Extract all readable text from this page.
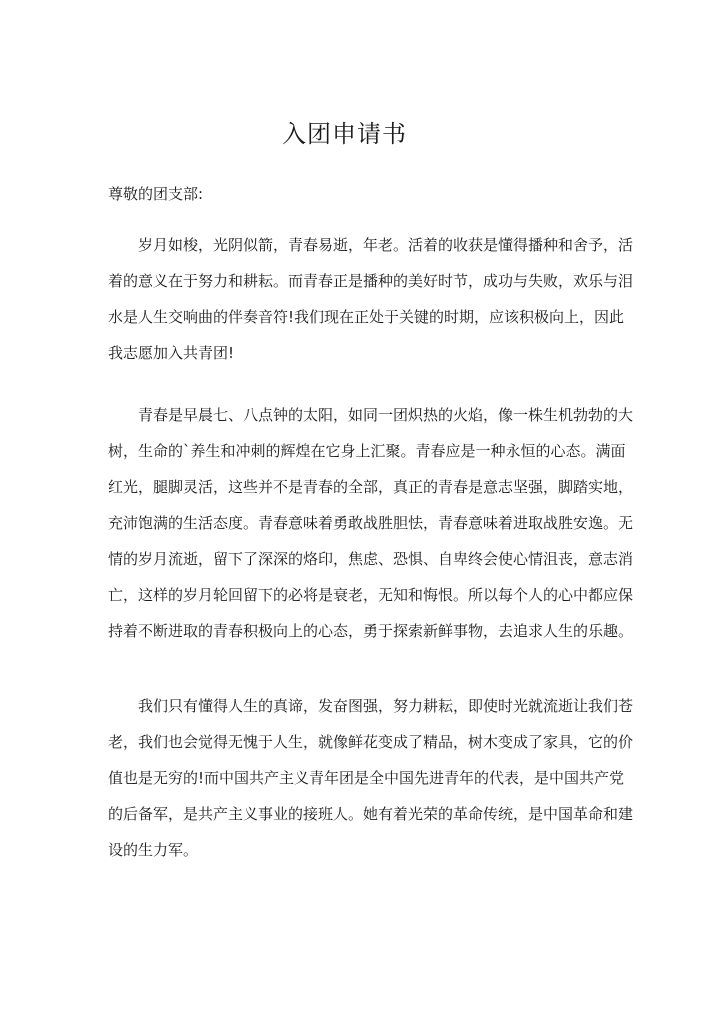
入团申请书
尊敬的团支部:
岁月如梭，光阴似箭，青春易逝，年老。活着的收获是懂得播种和舍予，活
着的意义在于努力和耕耘。而青春正是播种的美好时节，成功与失败，欢乐与泪
水是人生交响曲的伴奏音符!我们现在正处于关键的时期，应该积极向上，因此
我志愿加入共青团!
青春是早晨七、八点钟的太阳，如同一团炽热的火焰，像一株生机勃勃的大
树，生命的`养生和冲刺的辉煌在它身上汇聚。青春应是一种永恒的心态。满面
红光，腿脚灵活，这些并不是青春的全部，真正的青春是意志坚强，脚踏实地，
充沛饱满的生活态度。青春意味着勇敢战胜胆怯，青春意味着进取战胜安逸。无
情的岁月流逝，留下了深深的烙印，焦虑、恐惧、自卑终会使心情沮丧，意志消
亡，这样的岁月轮回留下的必将是衰老，无知和悔恨。所以每个人的心中都应保
持着不断进取的青春积极向上的心态，勇于探索新鲜事物，去追求人生的乐趣。
我们只有懂得人生的真谛，发奋图强，努力耕耘，即使时光就流逝让我们苍
老，我们也会觉得无愧于人生，就像鲜花变成了精品，树木变成了家具，它的价
值也是无穷的!而中国共产主义青年团是全中国先进青年的代表，是中国共产党
的后备军，是共产主义事业的接班人。她有着光荣的革命传统，是中国革命和建
设的生力军。
